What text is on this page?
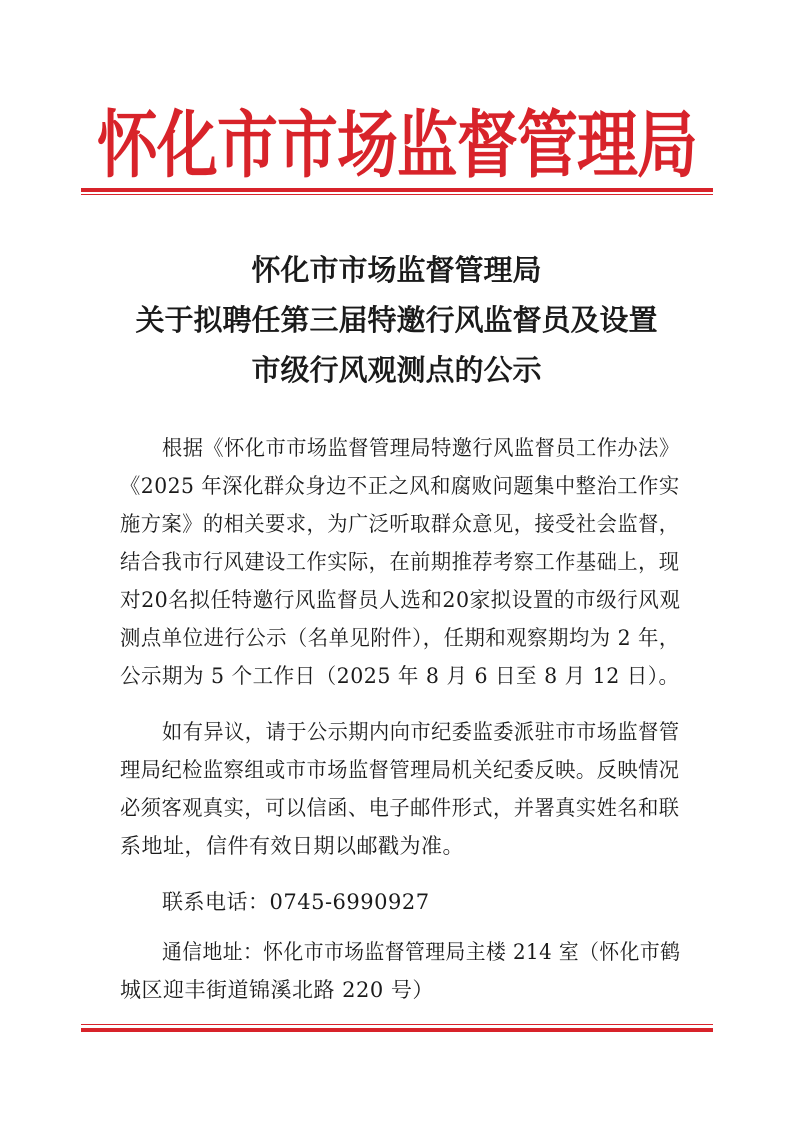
怀化市市场监督管理局
怀化市市场监督管理局
关于拟聘任第三届特邀行风监督员及设置
市级行风观测点的公示
根据《怀化市市场监督管理局特邀行风监督员工作办法》
《2025 年深化群众身边不正之风和腐败问题集中整治工作实
施方案》的相关要求，为广泛听取群众意见，接受社会监督，
结合我市行风建设工作实际，在前期推荐考察工作基础上，现
对20名拟任特邀行风监督员人选和20家拟设置的市级行风观
测点单位进行公示（名单见附件），任期和观察期均为 2 年，
公示期为 5 个工作日（2025 年 8 月 6 日至 8 月 12 日）。
如有异议，请于公示期内向市纪委监委派驻市市场监督管
理局纪检监察组或市市场监督管理局机关纪委反映。反映情况
必须客观真实，可以信函、电子邮件形式，并署真实姓名和联
系地址，信件有效日期以邮戳为准。
联系电话：0745-6990927
通信地址：怀化市市场监督管理局主楼 214 室（怀化市鹤
城区迎丰街道锦溪北路 220 号）
